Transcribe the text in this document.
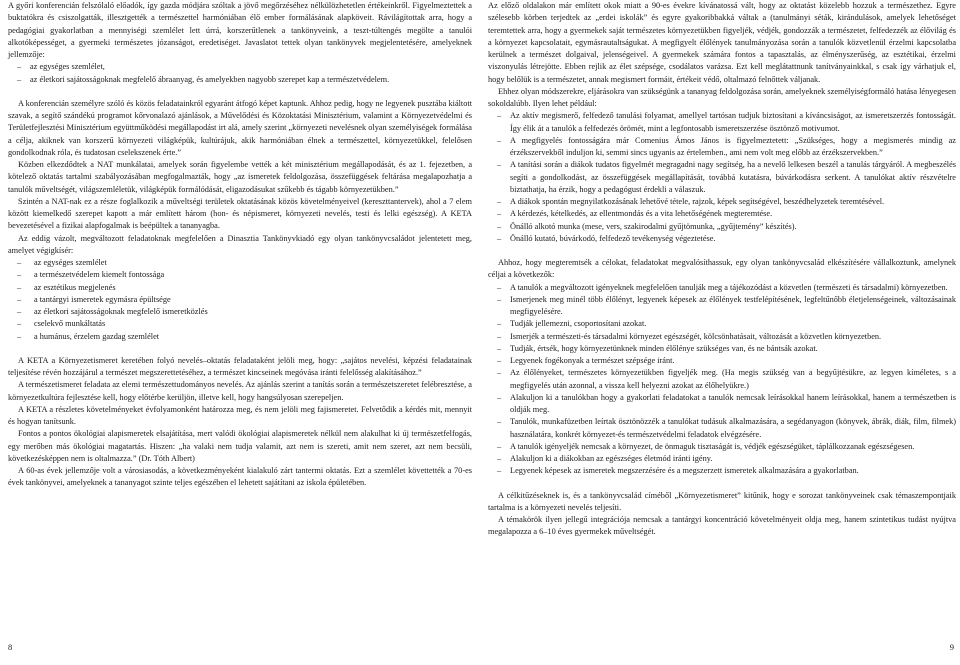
A győri konferencián felszólaló előadók, így gazda módjára szóltak a jövő megőrzéséhez nélkülözhetetlen értékeinkről. Figyelmeztettek a buktatókra és csiszolgatták, illesztgették a természettel harmóniában élő ember formálásának alapköveit. Rávilágítottak arra, hogy a pedagógiai gyakorlatban a mennyiségi szemlélet lett úrrá, korszerűtlenek a tankönyveink, a teszt-túltengés megölte a tanulói alkotóképességet, a gyermeki természetes józanságot, eredetiséget. Javaslatot tettek olyan tankönyvek megjelentetésére, amelyeknek jellemzője:

– az egységes szemlélet,
– az életkori sajátosságoknak megfelelő ábraanyag, és amelyekben nagyobb szerepet kap a természetvédelem.

A konferencián személyre szóló és közös feladatainkról egyaránt átfogó képet kaptunk. Ahhoz pedig, hogy ne legyenek pusztába kiáltott szavak, a segítő szándékú programot kőrvonalazó ajánlások, a Művelődési és Közoktatási Minisztérium, valamint a Környezetvédelmi és Területfejlesztési Minisztérium együttműködési megállapodást irt alá, amely szerint „környezeti nevelésnek olyan személyiségek formálása a célja, akiknek van korszerű környezeti világképük, kultúrájuk, akik harmóniában élnek a természettel, környezetükkel, felelősen gondolkodnak róla, és tudatosan cselekszenek érte.”

Közben elkezdődtek a NAT munkálatai, amelyek során figyelembe vették a két minisztérium megállapodását, és az 1. fejezetben, a kötelező oktatás tartalmi szabályozásában megfogalmazták, hogy „az ismeretek feldolgozása, összefüggések feltárása megalapozhatja a tanulók műveltségét, világszemléletük, világképük formálódását, eligazodásukat szűkebb és tágabb környezetükben.”

Szintén a NAT-nak ez a része foglalkozik a műveltségi területek oktatásának közös követelményeivel (kereszttantervek), ahol a 7 elem között kiemelkedő szerepet kapott a már említett három (hon- és népismeret, környezeti nevelés, testi és lelki egészség). A KETA bevezetésével a fizikai alapfogalmak is beépültek a tananyagba.

Az eddig vázolt, megváltozott feladatoknak megfelelően a Dinasztia Tankönyvkiadó egy olyan tankönyvcsaládot jelentetett meg, amelyet végigkísér:

– az egységes szemlélet
– a természetvédelem kiemelt fontossága
– az esztétikus megjelenés
– a tantárgyi ismeretek egymásra épültsége
– az életkori sajátosságoknak megfelelő ismeretközlés
– cselekvő munkáltatás
– a humánus, érzelem gazdag szemlélet

A KETA a Környezetismeret keretében folyó nevelés–oktatás feladataként jelöli meg, hogy: „sajátos nevelési, képzési feladatainak teljesítése révén hozzájárul a természet megszerettetéséhez, a természet kincseinek megóvása iránti felelősség alakításához.”

A természetismeret feladata az elemi természettudományos nevelés. Az ajánlás szerint a tanítás során a természetszeretet felébresztése, a környezetkultúra fejlesztése kell, hogy előtérbe kerüljön, illetve kell, hogy hangsúlyosan szerepeljen.

A KETA a részletes követelményeket évfolyamonként határozza meg, és nem jelöli meg fajismeretet. Felvetődik a kérdés mit, mennyit és hogyan tanítsunk.

Fontos a pontos ökológiai alapismeretek elsajátítása, mert valódi ökológiai alapismeretek nélkül nem alakulhat ki új természetfelfogás, egy merőben más ökológiai magatartás. Hiszen: „ha valaki nem tudja valamit, azt nem is szereti, amit nem szeret, azt nem becsüli, következésképpen nem is oltalmazza.” (Dr. Tóth Albert)

A 60-as évek jellemzője volt a városiasodás, a következményeként kialakuló zárt tantermi oktatás. Ezt a szemlélet követtették a 70-es évek tankönyvei, amelyeknek a tananyagot szinte teljes egészében el lehetett sajátítani az iskola épületében.

8

Az előző oldalakon már említett okok miatt a 90-es évekre kívánatossá vált, hogy az oktatást közelebb hozzuk a természethez. Egyre szélesebb körben terjedtek az „erdei iskolák” és egyre gyakoribbakká váltak a (tanulmányi séták, kirándulások, amelyek lehetőséget teremtettek arra, hogy a gyermekek saját természetes környezetükben figyeljék, védjék, gondozzák a természetet, felfedezzék az élővilág és a környezet kapcsolatait, egymásrautaltságukat. A megfigyelt élőlények tanulmányozása során a tanulók közvetlenül érzelmi kapcsolatba kerülnek a természet dolgaival, jelenségeivel. A gyermekek számára fontos a tapasztalás, az élményszerűség, az esztétikai, érzelmi viszonyulás létrejötte. Ebben rejlik az élet szépsége, csodálatos varázsa. Ezt kell meglátattnunk tanítványainkkal, s csak így várhatjuk el, hogy belőlük is a természetet, annak megismert formáit, értékeit védő, oltalmazó felnőttek váljanak.

Ehhez olyan módszerekre, eljárásokra van szükségünk a tananyag feldolgozása során, amelyeknek személyiségformáló hatása lényegesen sokoldalúbb. Ilyen lehet például:

– Az aktív megismerő, felfedező tanulási folyamat, amellyel tartósan tudjuk biztosítani a kíváncsiságot, az ismeretszerzés fontosságát. Így élik át a tanulók a felfedezés örömét, mint a legfontosabb ismeretszerzése ösztönző motivumot.
– A megfigyelés fontosságára már Comenius Ámos János is figyelmeztetett: „Szükséges, hogy a megismerés mindig az érzékszervekből induljon ki, semmi sincs ugyanis az értelemben., ami nem volt meg előbb az érzékszervekben.”
– A tanítási során a diákok tudatos figyelmét megragadni nagy segítség, ha a nevelő lelkesen beszél a tanulás tárgyáról. A megbeszélés segíti a gondolkodást, az összefüggések megállapítását, továbbá kutatásra, búvárkodásra serkent. A tanulókat aktív részvételre biztathatja, ha érzik, hogy a pedagógust érdekli a válaszuk.
– A diákok spontán megnyilatkozásának lehetővé tétele, rajzok, képek segítségével, beszédhelyzetek teremtésével.
– A kérdezés, kételkedés, az ellentmondás és a vita lehetőségének megteremtése.
– Önálló alkotó munka (mese, vers, szakirodalmi gyűjtömunka, „gyűjtemény” készítés).
– Önálló kutató, búvárkodó, felfedező tevékenység végeztetése.

Ahhoz, hogy megteremtsék a célokat, feladatokat megvalósíthassuk, egy olyan tankönyvcsalád elkészítésére vállalkoztunk, amelynek céljai a következők:

– A tanulók a megváltozott igényeknek megfelelően tanulják meg a tájékozódást a közvetlen (természeti és társadalmi) környezetben.
– Ismerjenek meg minél több élőlényt, legyenek képesek az élőlények testfelépítésének, legfeltűnőbb életjelenségeinek, változásainak megfigyelésére.
– Tudják jellemezni, csoportosítani azokat.
– Ismerjék a természeti-és társadalmi környezet egészségét, kölcsönhatásait, változását a közvetlen környezetben.
– Tudják, értsék, hogy környezetünknek minden élőlénye szükséges van, és ne bántsák azokat.
– Legyenek fogékonyak a természet szépsége iránt.
– Az élőlényeket, természetes környezetükben figyeljék meg. (Ha megis szükség van a begyűjtésükre, az legyen kíméletes, s a megfigyelés után azonnal, a vissza kell helyezni azokat az élőhelyükre.)
– Alakuljon ki a tanulókban hogy a gyakorlati feladatokat a tanulók nemcsak leírásokkal hanem leírásokkal, hanem a természetben is oldják meg.
– Tanulók, munkafüzetben leírtak ösztönözzék a tanulókat tudásuk alkalmazására, a segédanyagon (könyvek, ábrák, diák, film, filmek) használatára, konkrét környezet-és természetvédelmi feladatok elvégzésére.
– A tanulók igényeljék nemcsak a környezet, de önmaguk tisztaságát is, védjék egészségüket, táplálkozzanak egészségesen.
– Alakuljon ki a diákokban az egészséges életmód iránti igény.
– Legyenek képesek az ismeretek megszerzésére és a megszerzett ismeretek alkalmazására a gyakorlatban.

A célkitűzéseknek is, és a tankönyvcsalád címéből „Környezetismeret” kitűnik, hogy e sorozat tankönyveinek csak témaszempontjaik tartalma is a környezeti nevelés teljesíti.

A témakörök ilyen jellegű integrációja nemcsak a tantárgyi koncentráció követelményeit oldja meg, hanem szintetikus tudást nyújtva megalapozza a 6–10 éves gyermekek műveltségét.

9
